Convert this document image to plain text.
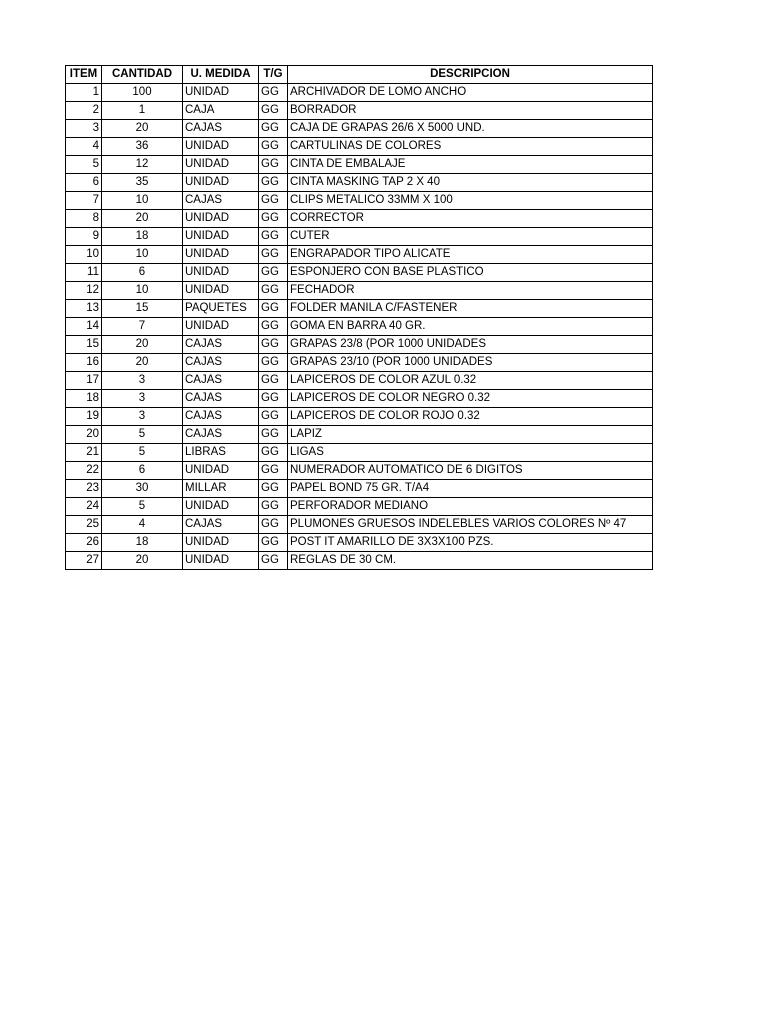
ITEM	CANTIDAD	U. MEDIDA	T/G	DESCRIPCION
1	100	UNIDAD	GG	ARCHIVADOR DE LOMO ANCHO
2	1	CAJA	GG	BORRADOR
3	20	CAJAS	GG	CAJA DE GRAPAS 26/6 X 5000 UND.
4	36	UNIDAD	GG	CARTULINAS DE COLORES
5	12	UNIDAD	GG	CINTA DE EMBALAJE
6	35	UNIDAD	GG	CINTA MASKING TAP 2 X 40
7	10	CAJAS	GG	CLIPS METALICO 33MM X 100
8	20	UNIDAD	GG	CORRECTOR
9	18	UNIDAD	GG	CUTER
10	10	UNIDAD	GG	ENGRAPADOR TIPO ALICATE
11	6	UNIDAD	GG	ESPONJERO CON BASE PLASTICO
12	10	UNIDAD	GG	FECHADOR
13	15	PAQUETES	GG	FOLDER MANILA C/FASTENER
14	7	UNIDAD	GG	GOMA EN BARRA 40 GR.
15	20	CAJAS	GG	GRAPAS 23/8 (POR 1000 UNIDADES
16	20	CAJAS	GG	GRAPAS 23/10 (POR 1000 UNIDADES
17	3	CAJAS	GG	LAPICEROS DE COLOR AZUL 0.32
18	3	CAJAS	GG	LAPICEROS DE COLOR NEGRO 0.32
19	3	CAJAS	GG	LAPICEROS DE COLOR ROJO 0.32
20	5	CAJAS	GG	LAPIZ
21	5	LIBRAS	GG	LIGAS
22	6	UNIDAD	GG	NUMERADOR AUTOMATICO DE 6 DIGITOS
23	30	MILLAR	GG	PAPEL BOND 75 GR. T/A4
24	5	UNIDAD	GG	PERFORADOR MEDIANO
25	4	CAJAS	GG	PLUMONES GRUESOS INDELEBLES VARIOS COLORES Nº 47
26	18	UNIDAD	GG	POST IT AMARILLO DE 3X3X100 PZS.
27	20	UNIDAD	GG	REGLAS DE 30 CM.
